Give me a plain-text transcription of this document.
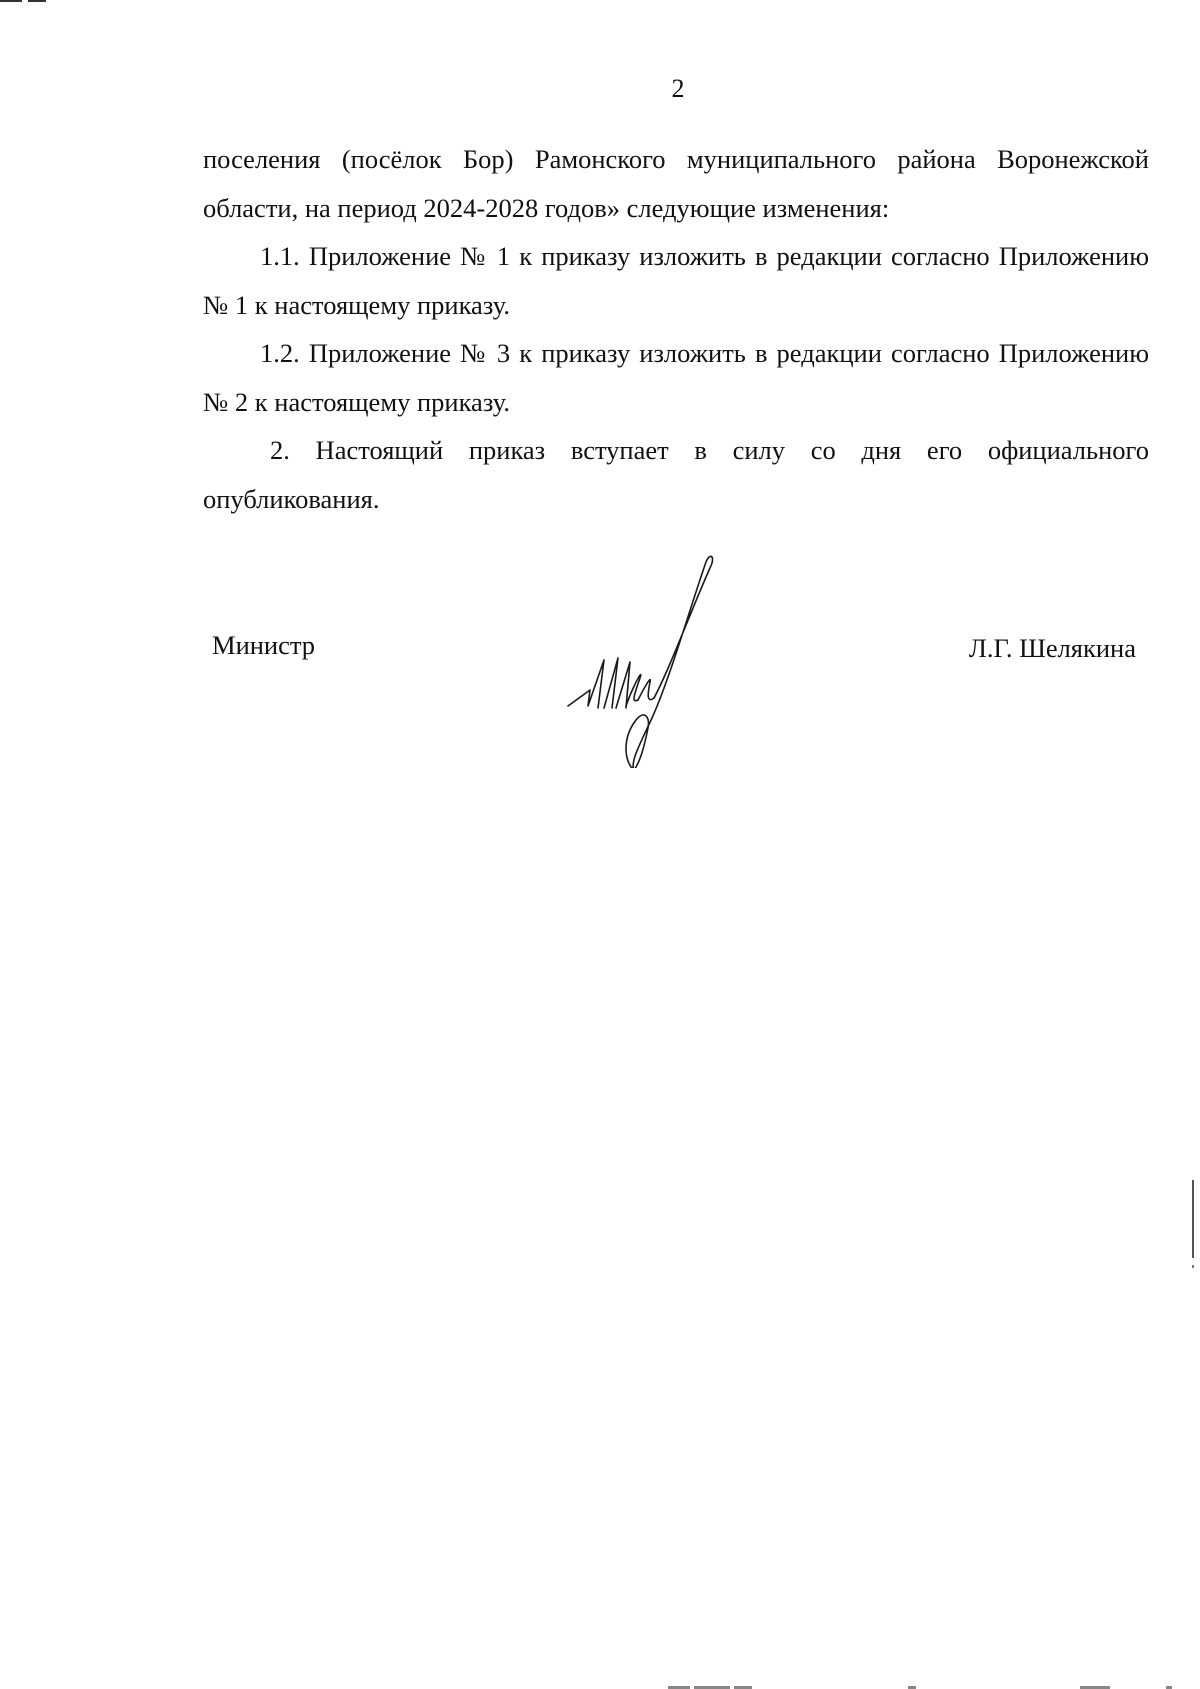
2

поселения (посёлок Бор) Рамонского муниципального района Воронежской области, на период 2024-2028 годов» следующие изменения:

1.1. Приложение № 1 к приказу изложить в редакции согласно Приложению № 1 к настоящему приказу.

1.2. Приложение № 3 к приказу изложить в редакции согласно Приложению № 2 к настоящему приказу.

2. Настоящий приказ вступает в силу со дня его официального опубликования.

Министр	Л.Г. Шелякина
